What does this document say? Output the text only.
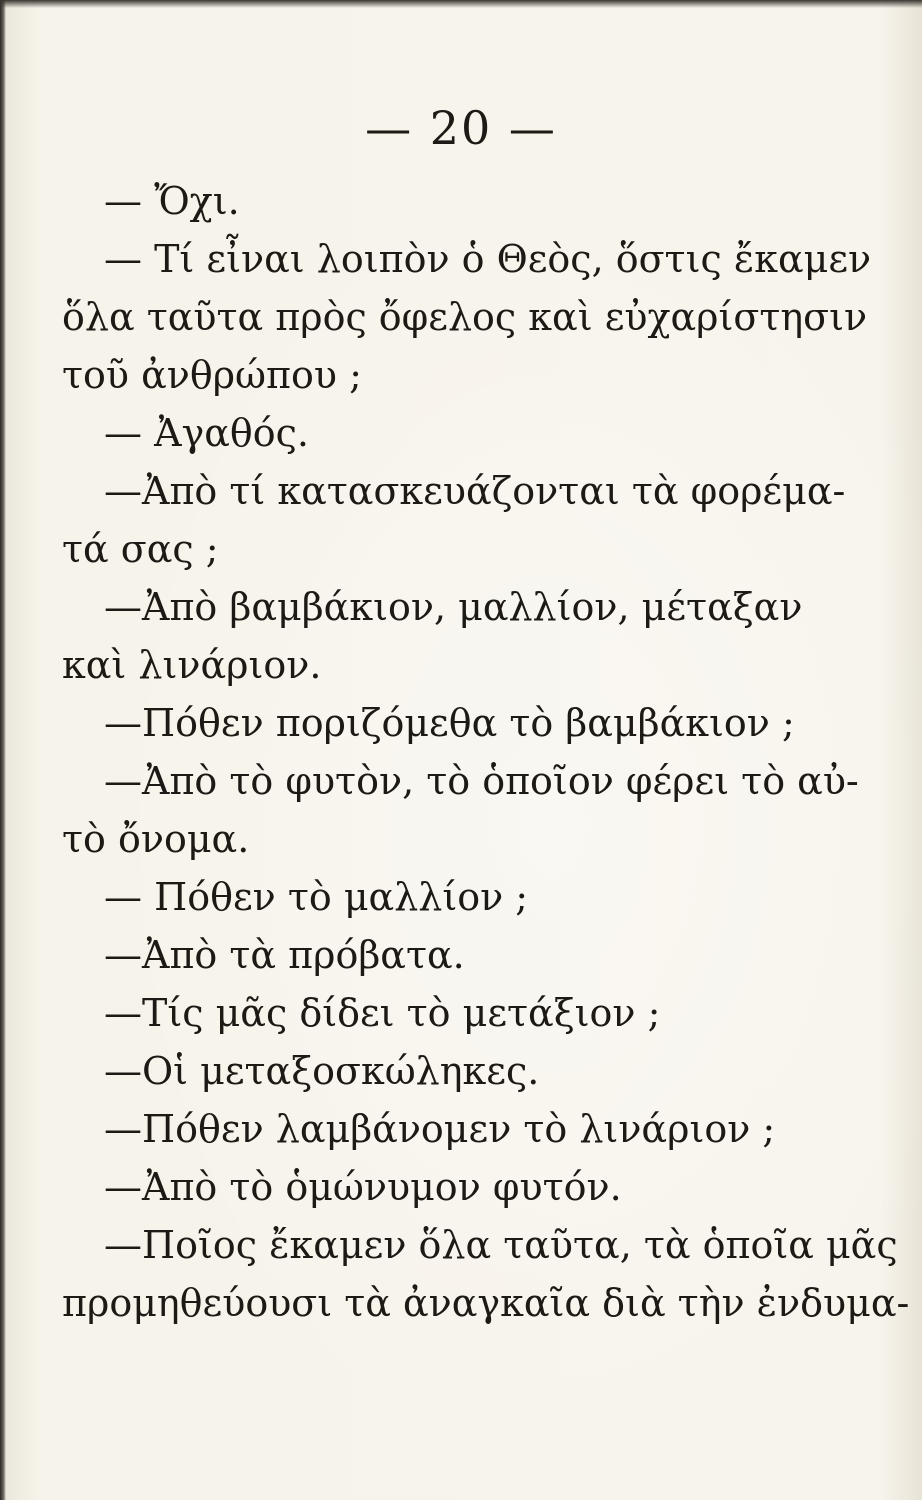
— 20 —
— Ὄχι.
— Τί εἶναι λοιπὸν ὁ Θεὸς, ὅστις ἔκαμεν
ὅλα ταῦτα πρὸς ὄφελος καὶ εὐχαρίστησιν
τοῦ ἀνθρώπου ;
— Ἀγαθός.
—Ἀπὸ τί κατασκευάζονται τὰ φορέμα-
τά σας ;
—Ἀπὸ βαμβάκιον, μαλλίον, μέταξαν
καὶ λινάριον.
—Πόθεν ποριζόμεθα τὸ βαμβάκιον ;
—Ἀπὸ τὸ φυτὸν, τὸ ὁποῖον φέρει τὸ αὐ-
τὸ ὄνομα.
— Πόθεν τὸ μαλλίον ;
—Ἀπὸ τὰ πρόβατα.
—Τίς μᾶς δίδει τὸ μετάξιον ;
—Οἱ μεταξοσκώληκες.
—Πόθεν λαμβάνομεν τὸ λινάριον ;
—Ἀπὸ τὸ ὁμώνυμον φυτόν.
—Ποῖος ἔκαμεν ὅλα ταῦτα, τὰ ὁποῖα μᾶς
προμηθεύουσι τὰ ἀναγκαῖα διὰ τὴν ἐνδυμα-
